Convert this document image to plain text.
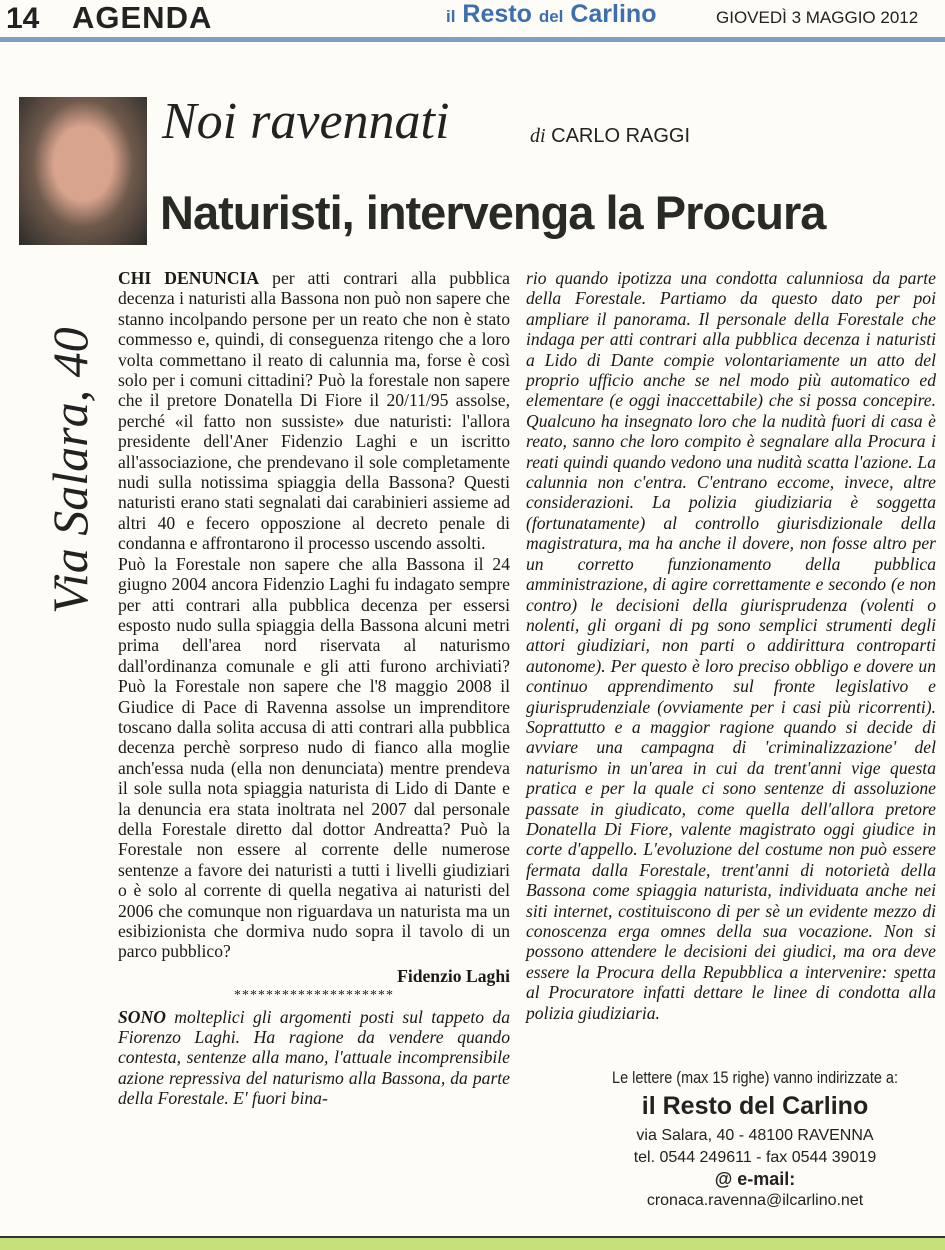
14 AGENDA	il Resto del Carlino	GIOVEDÌ 3 MAGGIO 2012
Noi ravennati	di CARLO RAGGI
Naturisti, intervenga la Procura
Via Salara, 40

CHI DENUNCIA per atti contrari alla pubblica decenza i naturisti alla Bassona non può non sapere che stanno incolpando persone per un reato che non è stato commesso e, quindi, di conseguenza ritengo che a loro volta commettano il reato di calunnia ma, forse è così solo per i comuni cittadini? Può la forestale non sapere che il pretore Donatella Di Fiore il 20/11/95 assolse, perché «il fatto non sussiste» due naturisti: l'allora presidente dell'Aner Fidenzio Laghi e un iscritto all'associazione, che prendevano il sole completamente nudi sulla notissima spiaggia della Bassona? Questi naturisti erano stati segnalati dai carabinieri assieme ad altri 40 e fecero opposzione al decreto penale di condanna e affrontarono il processo uscendo assolti.

Può la Forestale non sapere che alla Bassona il 24 giugno 2004 ancora Fidenzio Laghi fu indagato sempre per atti contrari alla pubblica decenza per essersi esposto nudo sulla spiaggia della Bassona alcuni metri prima dell'area nord riservata al naturismo dall'ordinanza comunale e gli atti furono archiviati? Può la Forestale non sapere che l'8 maggio 2008 il Giudice di Pace di Ravenna assolse un imprenditore toscano dalla solita accusa di atti contrari alla pubblica decenza perchè sorpreso nudo di fianco alla moglie anch'essa nuda (ella non denunciata) mentre prendeva il sole sulla nota spiaggia naturista di Lido di Dante e la denuncia era stata inoltrata nel 2007 dal personale della Forestale diretto dal dottor Andreatta? Può la Forestale non essere al corrente delle numerose sentenze a favore dei naturisti a tutti i livelli giudiziari o è solo al corrente di quella negativa ai naturisti del 2006 che comunque non riguardava un naturista ma un esibizionista che dormiva nudo sopra il tavolo di un parco pubblico?

Fidenzio Laghi

********************

SONO molteplici gli argomenti posti sul tappeto da Fiorenzo Laghi. Ha ragione da vendere quando contesta, sentenze alla mano, l'attuale incomprensibile azione repressiva del naturismo alla Bassona, da parte della Forestale. E' fuori bina-

rio quando ipotizza una condotta calunniosa da parte della Forestale. Partiamo da questo dato per poi ampliare il panorama. Il personale della Forestale che indaga per atti contrari alla pubblica decenza i naturisti a Lido di Dante compie volontariamente un atto del proprio ufficio anche se nel modo più automatico ed elementare (e oggi inaccettabile) che si possa concepire. Qualcuno ha insegnato loro che la nudità fuori di casa è reato, sanno che loro compito è segnalare alla Procura i reati quindi quando vedono una nudità scatta l'azione. La calunnia non c'entra. C'entrano eccome, invece, altre considerazioni. La polizia giudiziaria è soggetta (fortunatamente) al controllo giurisdizionale della magistratura, ma ha anche il dovere, non fosse altro per un corretto funzionamento della pubblica amministrazione, di agire correttamente e secondo (e non contro) le decisioni della giurisprudenza (volenti o nolenti, gli organi di pg sono semplici strumenti degli attori giudiziari, non parti o addirittura controparti autonome). Per questo è loro preciso obbligo e dovere un continuo apprendimento sul fronte legislativo e giurisprudenziale (ovviamente per i casi più ricorrenti). Soprattutto e a maggior ragione quando si decide di avviare una campagna di 'criminalizzazione' del naturismo in un'area in cui da trent'anni vige questa pratica e per la quale ci sono sentenze di assoluzione passate in giudicato, come quella dell'allora pretore Donatella Di Fiore, valente magistrato oggi giudice in corte d'appello. L'evoluzione del costume non può essere fermata dalla Forestale, trent'anni di notorietà della Bassona come spiaggia naturista, individuata anche nei siti internet, costituiscono di per sè un evidente mezzo di conoscenza erga omnes della sua vocazione. Non si possono attendere le decisioni dei giudici, ma ora deve essere la Procura della Repubblica a intervenire: spetta al Procuratore infatti dettare le linee di condotta alla polizia giudiziaria.

Le lettere (max 15 righe) vanno indirizzate a:
il Resto del Carlino
via Salara, 40 - 48100 RAVENNA
tel. 0544 249611 - fax 0544 39019
@ e-mail:
cronaca.ravenna@ilcarlino.net
